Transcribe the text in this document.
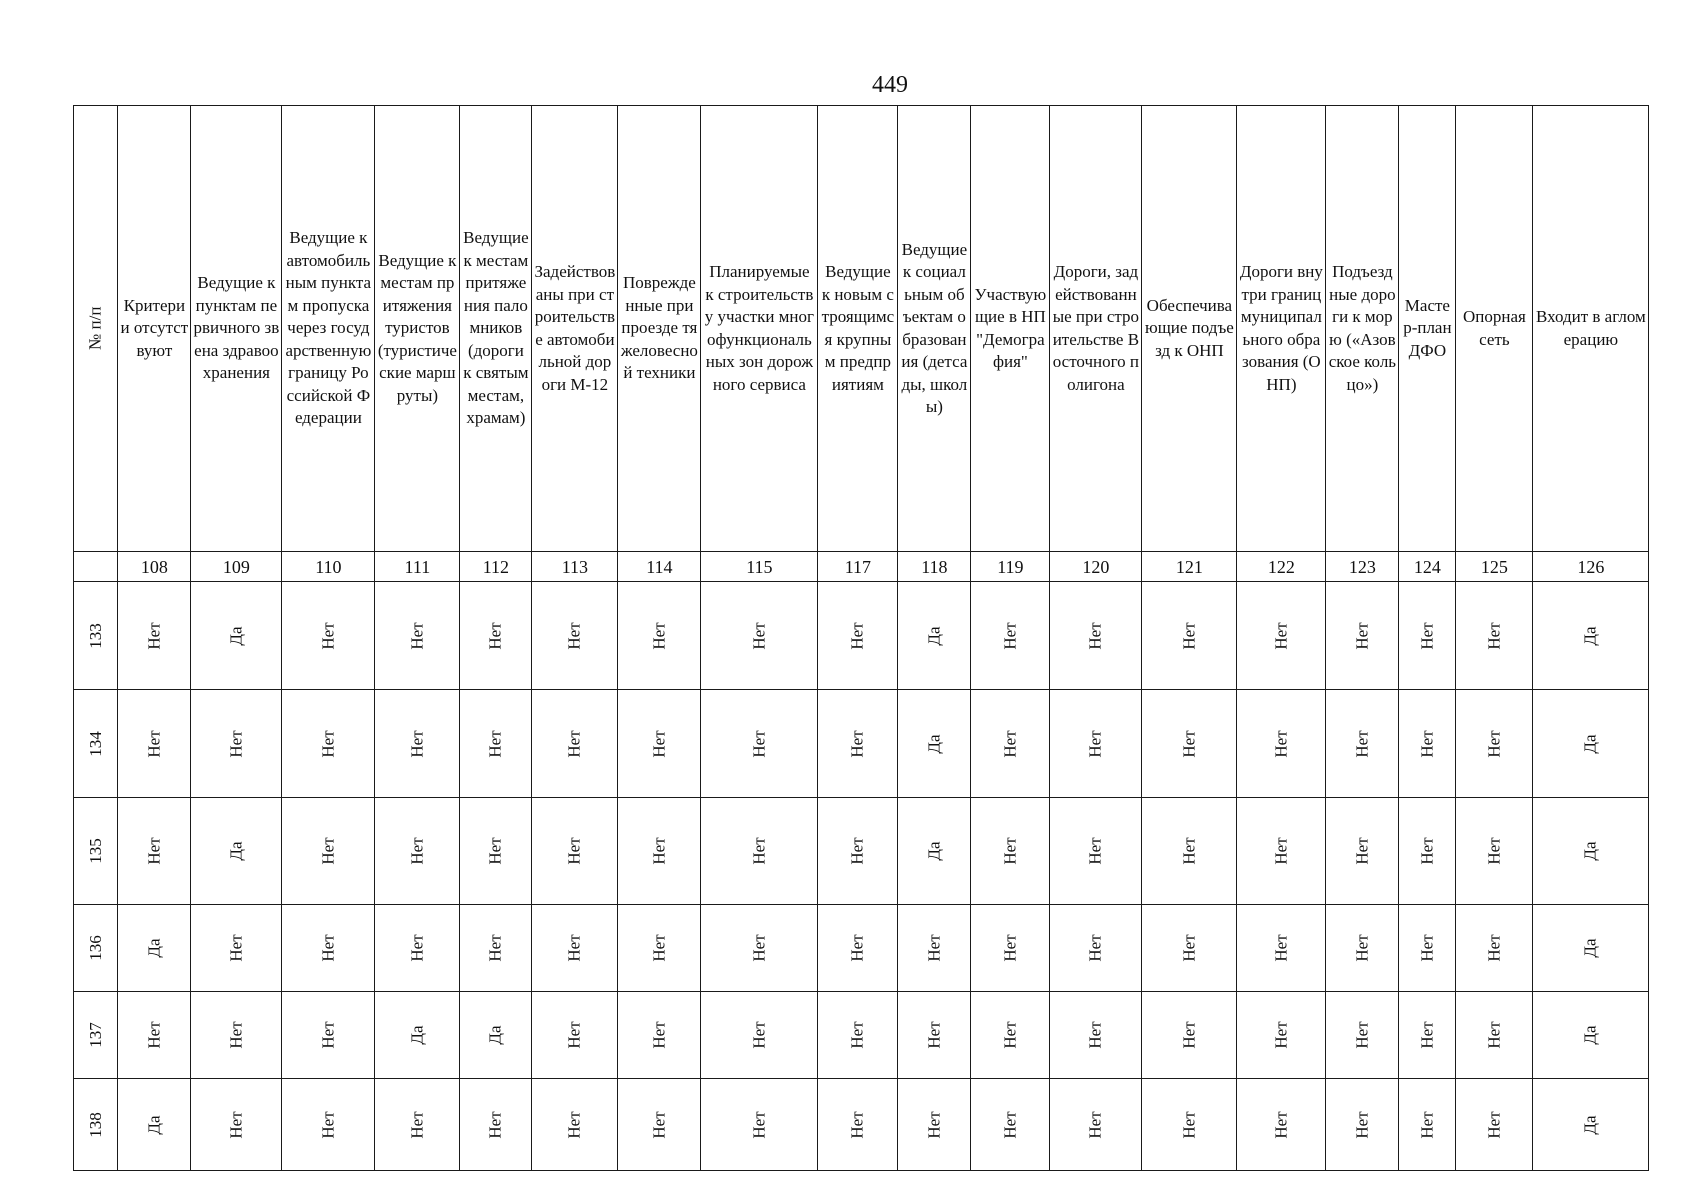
449
№ п/п	Критерии отсутствуют	Ведущие к пунктам первичного звена здравоохранения	Ведущие к автомобильным пунктам пропуска через государственную границу Российской Федерации	Ведущие к местам притяжения туристов (туристические маршруты)	Ведущие к местам притяжения паломников (дороги к святым местам, храмам)	Задействованы при строительстве автомобильной дороги М-12	Поврежденные при проезде тяжеловесной техники	Планируемые к строительству участки многофункциональных зон дорожного сервиса	Ведущие к новым строящимся крупным предприятиям	Ведущие к социальным объектам образования (детсады, школы)	Участвующие в НП "Демография"	Дороги, задействованные при строительстве Восточного полигона	Обеспечивающие подъезд к ОНП	Дороги внутри границ муниципального образования (ОНП)	Подъездные дороги к морю («Азовское кольцо»)	Мастер-план ДФО	Опорная сеть	Входит в агломерацию

	108	109	110	111	112	113	114	115	117	118	119	120	121	122	123	124	125	126
133	Нет	Да	Нет	Нет	Нет	Нет	Нет	Нет	Нет	Да	Нет	Нет	Нет	Нет	Нет	Нет	Нет	Да
134	Нет	Нет	Нет	Нет	Нет	Нет	Нет	Нет	Нет	Да	Нет	Нет	Нет	Нет	Нет	Нет	Нет	Да
135	Нет	Да	Нет	Нет	Нет	Нет	Нет	Нет	Нет	Да	Нет	Нет	Нет	Нет	Нет	Нет	Нет	Да
136	Да	Нет	Нет	Нет	Нет	Нет	Нет	Нет	Нет	Нет	Нет	Нет	Нет	Нет	Нет	Нет	Нет	Да
137	Нет	Нет	Нет	Да	Да	Нет	Нет	Нет	Нет	Нет	Нет	Нет	Нет	Нет	Нет	Нет	Нет	Да
138	Да	Нет	Нет	Нет	Нет	Нет	Нет	Нет	Нет	Нет	Нет	Нет	Нет	Нет	Нет	Нет	Нет	Да
